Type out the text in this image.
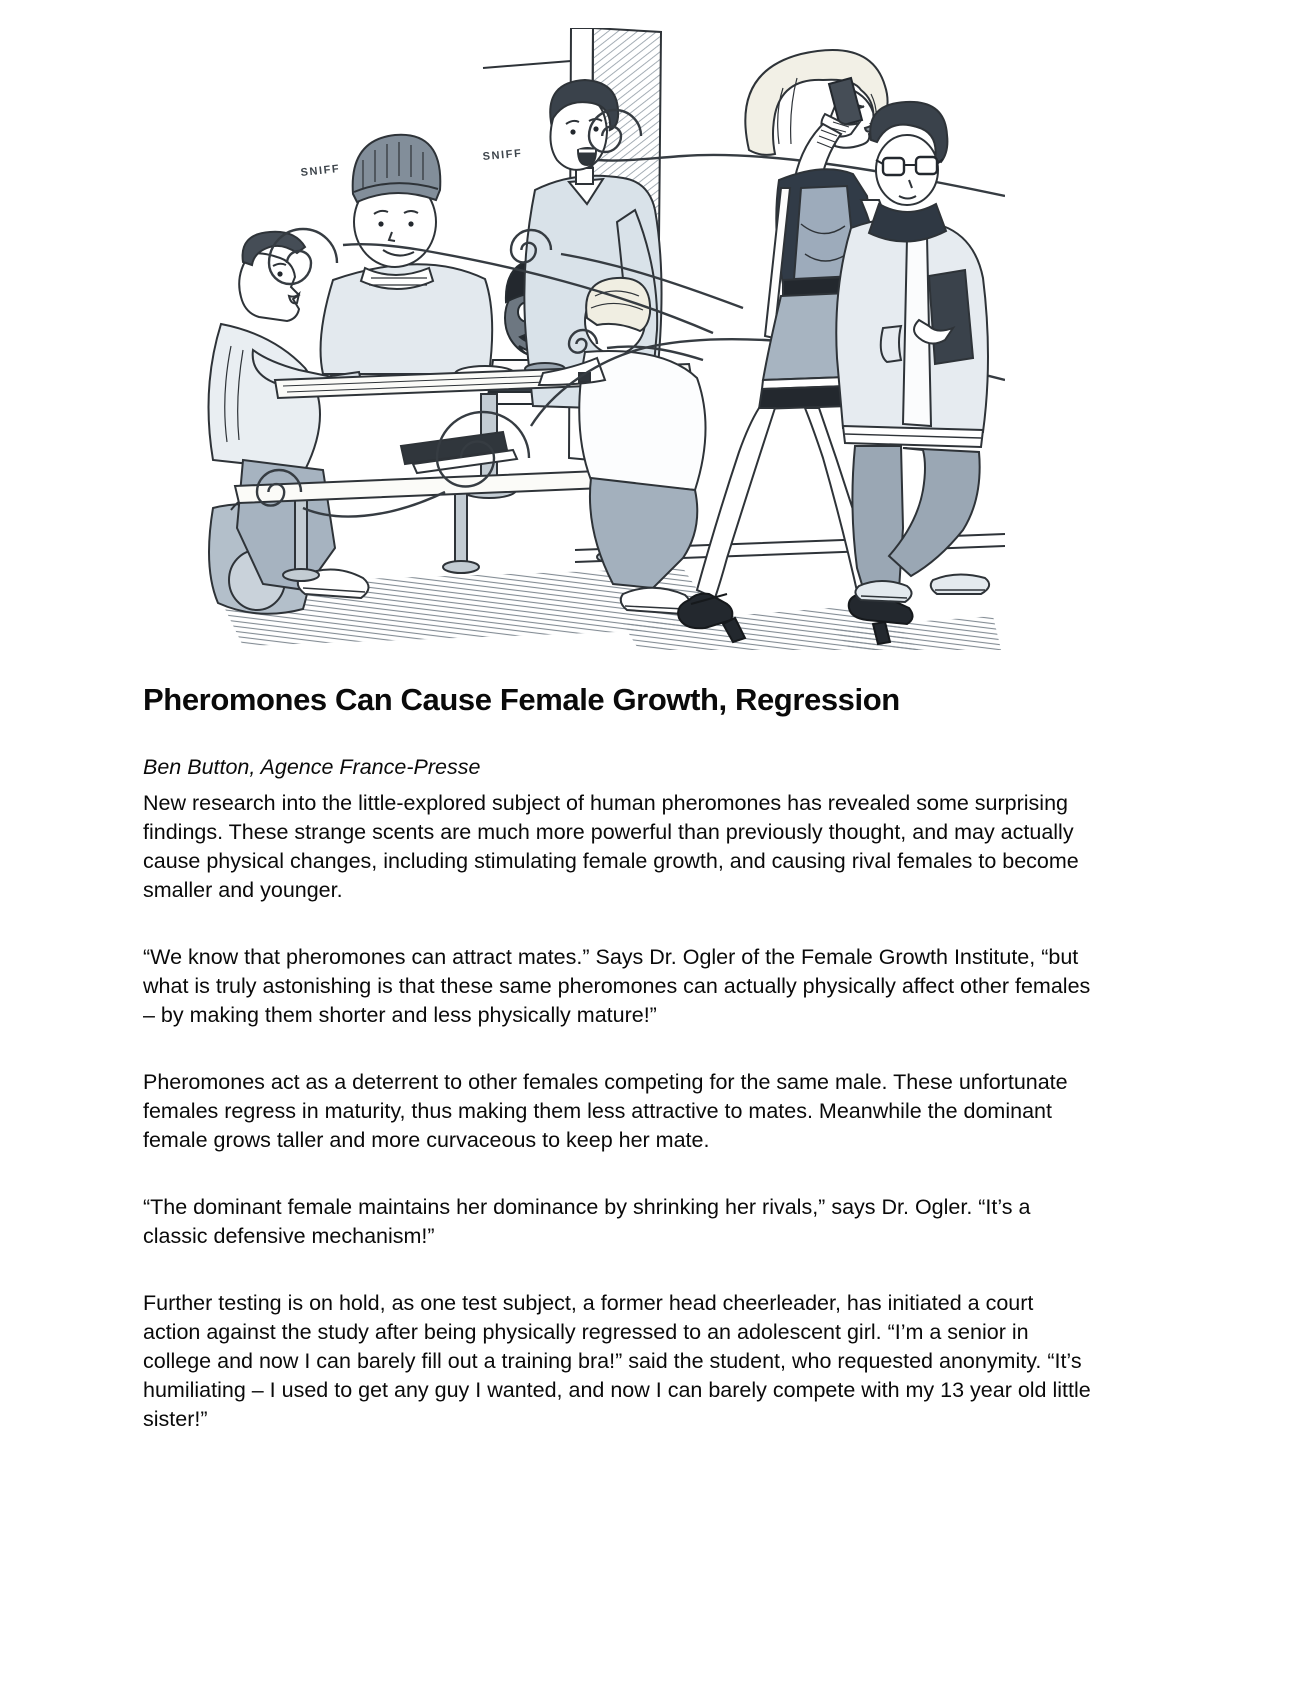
SNIFF
SNIFF
Pheromones Can Cause Female Growth, Regression

Ben Button, Agence France-Presse

New research into the little-explored subject of human pheromones has revealed some surprising findings. These strange scents are much more powerful than previously thought, and may actually cause physical changes, including stimulating female growth, and causing rival females to become smaller and younger.

“We know that pheromones can attract mates.” Says Dr. Ogler of the Female Growth Institute, “but what is truly astonishing is that these same pheromones can actually physically affect other females – by making them shorter and less physically mature!”

Pheromones act as a deterrent to other females competing for the same male. These unfortunate females regress in maturity, thus making them less attractive to mates. Meanwhile the dominant female grows taller and more curvaceous to keep her mate.

“The dominant female maintains her dominance by shrinking her rivals,” says Dr. Ogler. “It’s a classic defensive mechanism!”

Further testing is on hold, as one test subject, a former head cheerleader, has initiated a court action against the study after being physically regressed to an adolescent girl. “I’m a senior in college and now I can barely fill out a training bra!” said the student, who requested anonymity. “It’s humiliating – I used to get any guy I wanted, and now I can barely compete with my 13 year old little sister!”
